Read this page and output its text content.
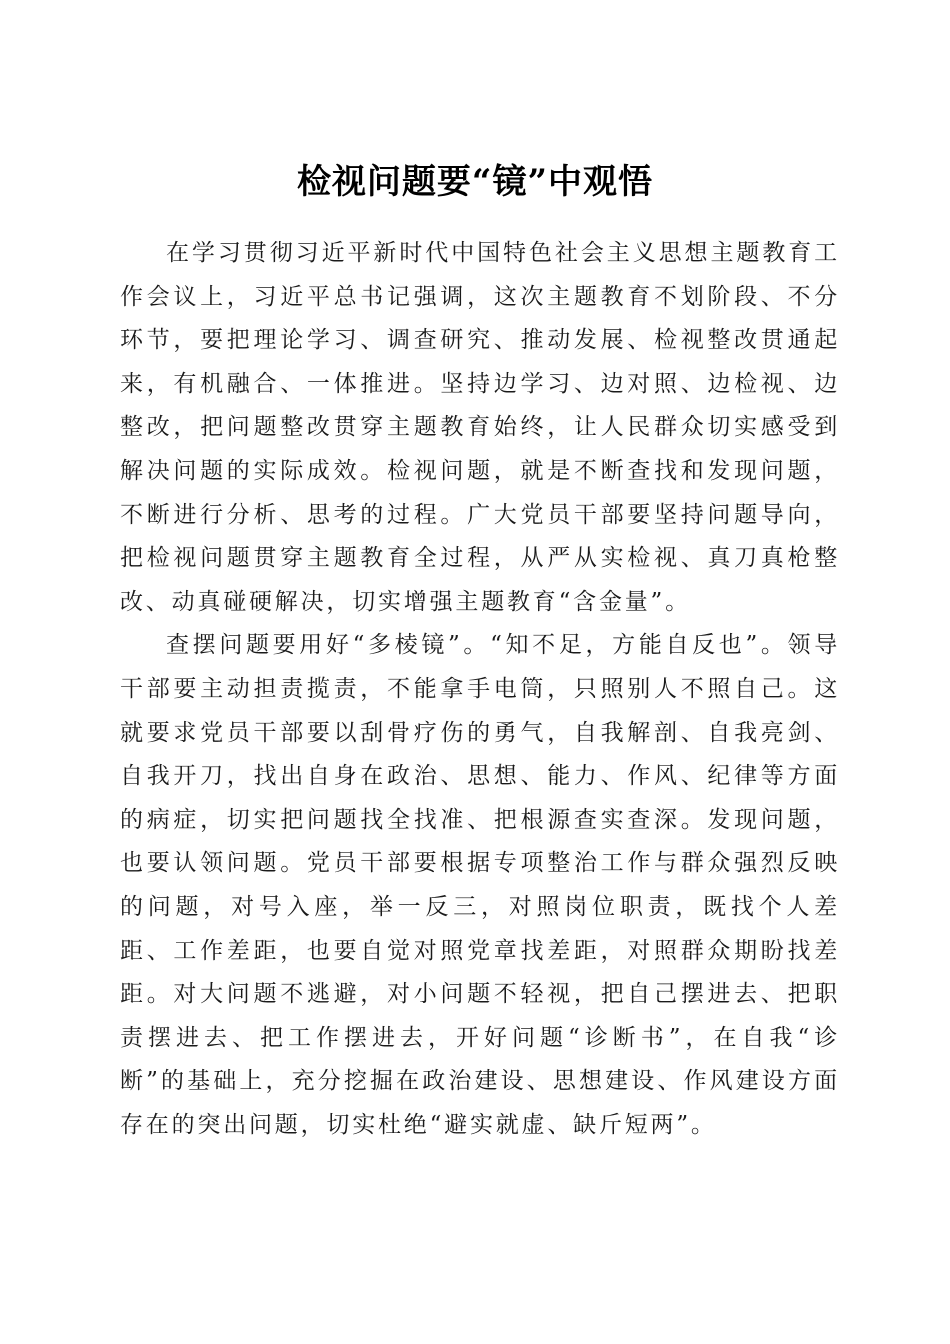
检视问题要“镜”中观悟

在学习贯彻习近平新时代中国特色社会主义思想主题教育工作会议上，习近平总书记强调，这次主题教育不划阶段、不分环节，要把理论学习、调查研究、推动发展、检视整改贯通起来，有机融合、一体推进。坚持边学习、边对照、边检视、边整改，把问题整改贯穿主题教育始终，让人民群众切实感受到解决问题的实际成效。检视问题，就是不断查找和发现问题，不断进行分析、思考的过程。广大党员干部要坚持问题导向，把检视问题贯穿主题教育全过程，从严从实检视、真刀真枪整改、动真碰硬解决，切实增强主题教育“含金量”。

查摆问题要用好“多棱镜”。“知不足，方能自反也”。领导干部要主动担责揽责，不能拿手电筒，只照别人不照自己。这就要求党员干部要以刮骨疗伤的勇气，自我解剖、自我亮剑、自我开刀，找出自身在政治、思想、能力、作风、纪律等方面的病症，切实把问题找全找准、把根源查实查深。发现问题，也要认领问题。党员干部要根据专项整治工作与群众强烈反映的问题，对号入座，举一反三，对照岗位职责，既找个人差距、工作差距，也要自觉对照党章找差距，对照群众期盼找差距。对大问题不逃避，对小问题不轻视，把自己摆进去、把职责摆进去、把工作摆进去，开好问题“诊断书”，在自我“诊断”的基础上，充分挖掘在政治建设、思想建设、作风建设方面存在的突出问题，切实杜绝“避实就虚、缺斤短两”。
